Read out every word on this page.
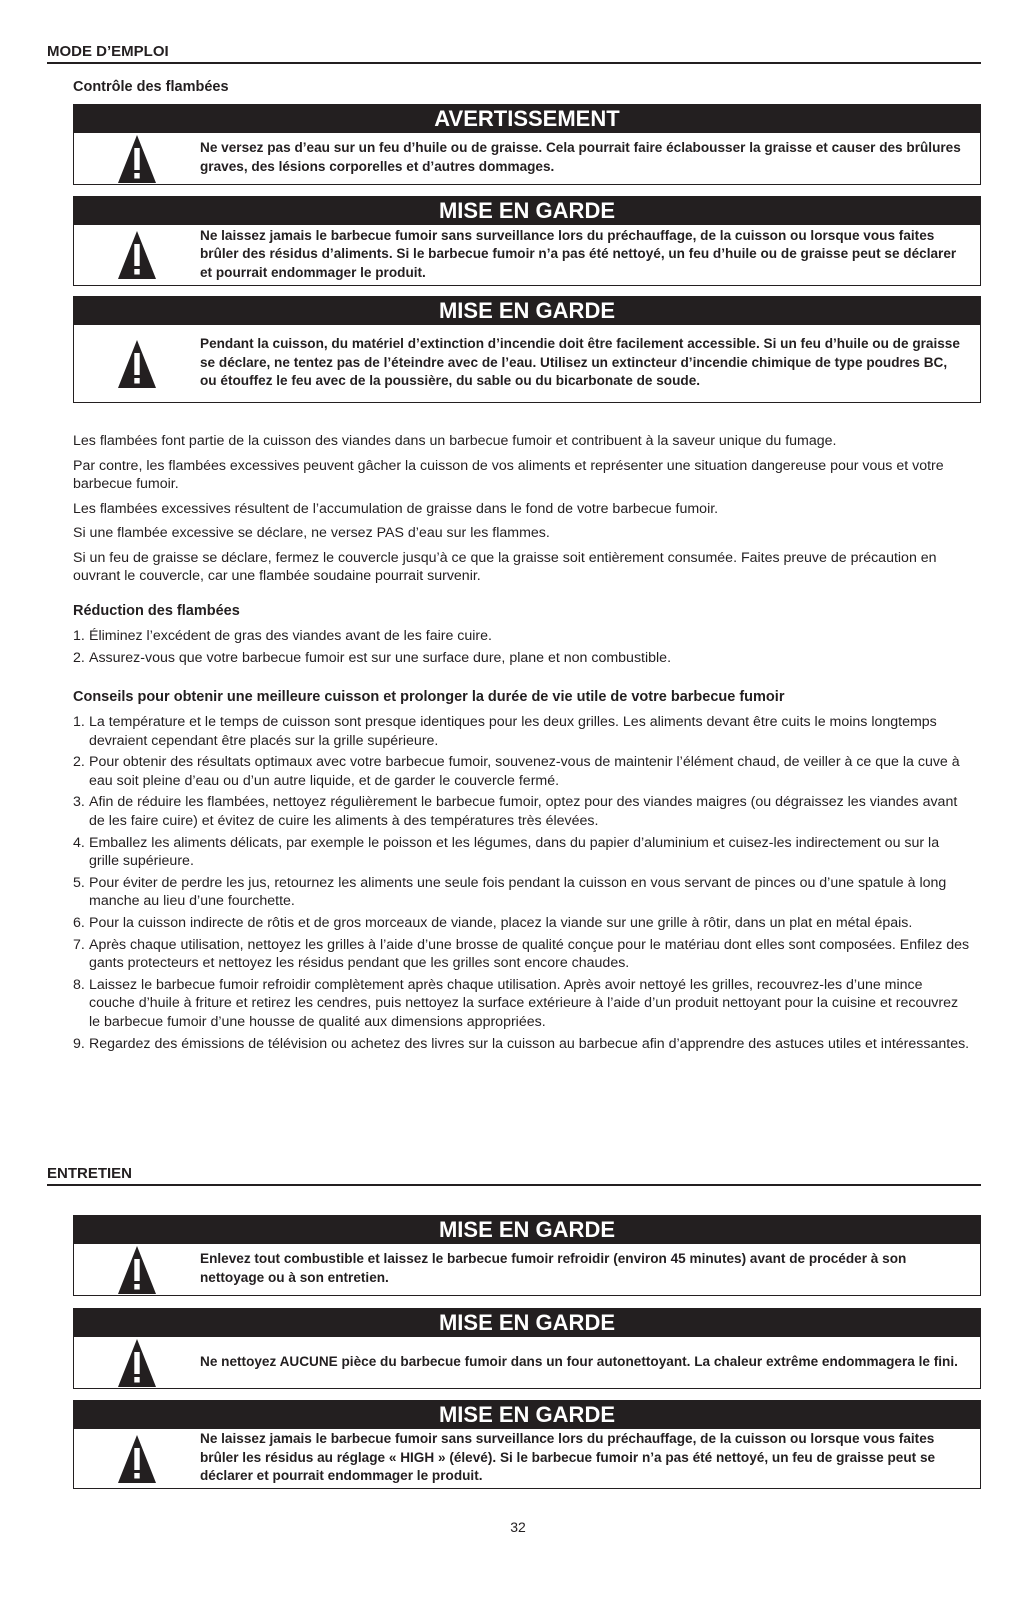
MODE D’EMPLOI
Contrôle des flambées
AVERTISSEMENT
Ne versez pas d’eau sur un feu d’huile ou de graisse. Cela pourrait faire éclabousser la graisse et causer des brûlures graves, des lésions corporelles et d’autres dommages.
MISE EN GARDE
Ne laissez jamais le barbecue fumoir sans surveillance lors du préchauffage, de la cuisson ou lorsque vous faites brûler des résidus d’aliments. Si le barbecue fumoir n’a pas été nettoyé, un feu d’huile ou de graisse peut se déclarer et pourrait endommager le produit.
MISE EN GARDE
Pendant la cuisson, du matériel d’extinction d’incendie doit être facilement accessible. Si un feu d’huile ou de graisse se déclare, ne tentez pas de l’éteindre avec de l’eau. Utilisez un extincteur d’incendie chimique de type poudres BC, ou étouffez le feu avec de la poussière, du sable ou du bicarbonate de soude.

Les flambées font partie de la cuisson des viandes dans un barbecue fumoir et contribuent à la saveur unique du fumage.

Par contre, les flambées excessives peuvent gâcher la cuisson de vos aliments et représenter une situation dangereuse pour vous et votre barbecue fumoir.

Les flambées excessives résultent de l’accumulation de graisse dans le fond de votre barbecue fumoir.

Si une flambée excessive se déclare, ne versez PAS d’eau sur les flammes.

Si un feu de graisse se déclare, fermez le couvercle jusqu’à ce que la graisse soit entièrement consumée. Faites preuve de précaution en ouvrant le couvercle, car une flambée soudaine pourrait survenir.

Réduction des flambées
1. Éliminez l’excédent de gras des viandes avant de les faire cuire.
2. Assurez-vous que votre barbecue fumoir est sur une surface dure, plane et non combustible.
Conseils pour obtenir une meilleure cuisson et prolonger la durée de vie utile de votre barbecue fumoir
1. La température et le temps de cuisson sont presque identiques pour les deux grilles. Les aliments devant être cuits le moins longtemps devraient cependant être placés sur la grille supérieure.
2. Pour obtenir des résultats optimaux avec votre barbecue fumoir, souvenez-vous de maintenir l’élément chaud, de veiller à ce que la cuve à eau soit pleine d’eau ou d’un autre liquide, et de garder le couvercle fermé.
3. Afin de réduire les flambées, nettoyez régulièrement le barbecue fumoir, optez pour des viandes maigres (ou dégraissez les viandes avant de les faire cuire) et évitez de cuire les aliments à des températures très élevées.
4. Emballez les aliments délicats, par exemple le poisson et les légumes, dans du papier d’aluminium et cuisez-les indirectement ou sur la grille supérieure.
5. Pour éviter de perdre les jus, retournez les aliments une seule fois pendant la cuisson en vous servant de pinces ou d’une spatule à long manche au lieu d’une fourchette.
6. Pour la cuisson indirecte de rôtis et de gros morceaux de viande, placez la viande sur une grille à rôtir, dans un plat en métal épais.
7. Après chaque utilisation, nettoyez les grilles à l’aide d’une brosse de qualité conçue pour le matériau dont elles sont composées. Enfilez des gants protecteurs et nettoyez les résidus pendant que les grilles sont encore chaudes.
8. Laissez le barbecue fumoir refroidir complètement après chaque utilisation. Après avoir nettoyé les grilles, recouvrez-les d’une mince couche d’huile à friture et retirez les cendres, puis nettoyez la surface extérieure à l’aide d’un produit nettoyant pour la cuisine et recouvrez le barbecue fumoir d’une housse de qualité aux dimensions appropriées.
9. Regardez des émissions de télévision ou achetez des livres sur la cuisson au barbecue afin d’apprendre des astuces utiles et intéressantes.
ENTRETIEN
MISE EN GARDE
Enlevez tout combustible et laissez le barbecue fumoir refroidir (environ 45 minutes) avant de procéder à son nettoyage ou à son entretien.
MISE EN GARDE
Ne nettoyez AUCUNE pièce du barbecue fumoir dans un four autonettoyant. La chaleur extrême endommagera le fini.
MISE EN GARDE
Ne laissez jamais le barbecue fumoir sans surveillance lors du préchauffage, de la cuisson ou lorsque vous faites brûler les résidus au réglage « HIGH » (élevé). Si le barbecue fumoir n’a pas été nettoyé, un feu de graisse peut se déclarer et pourrait endommager le produit.
32
